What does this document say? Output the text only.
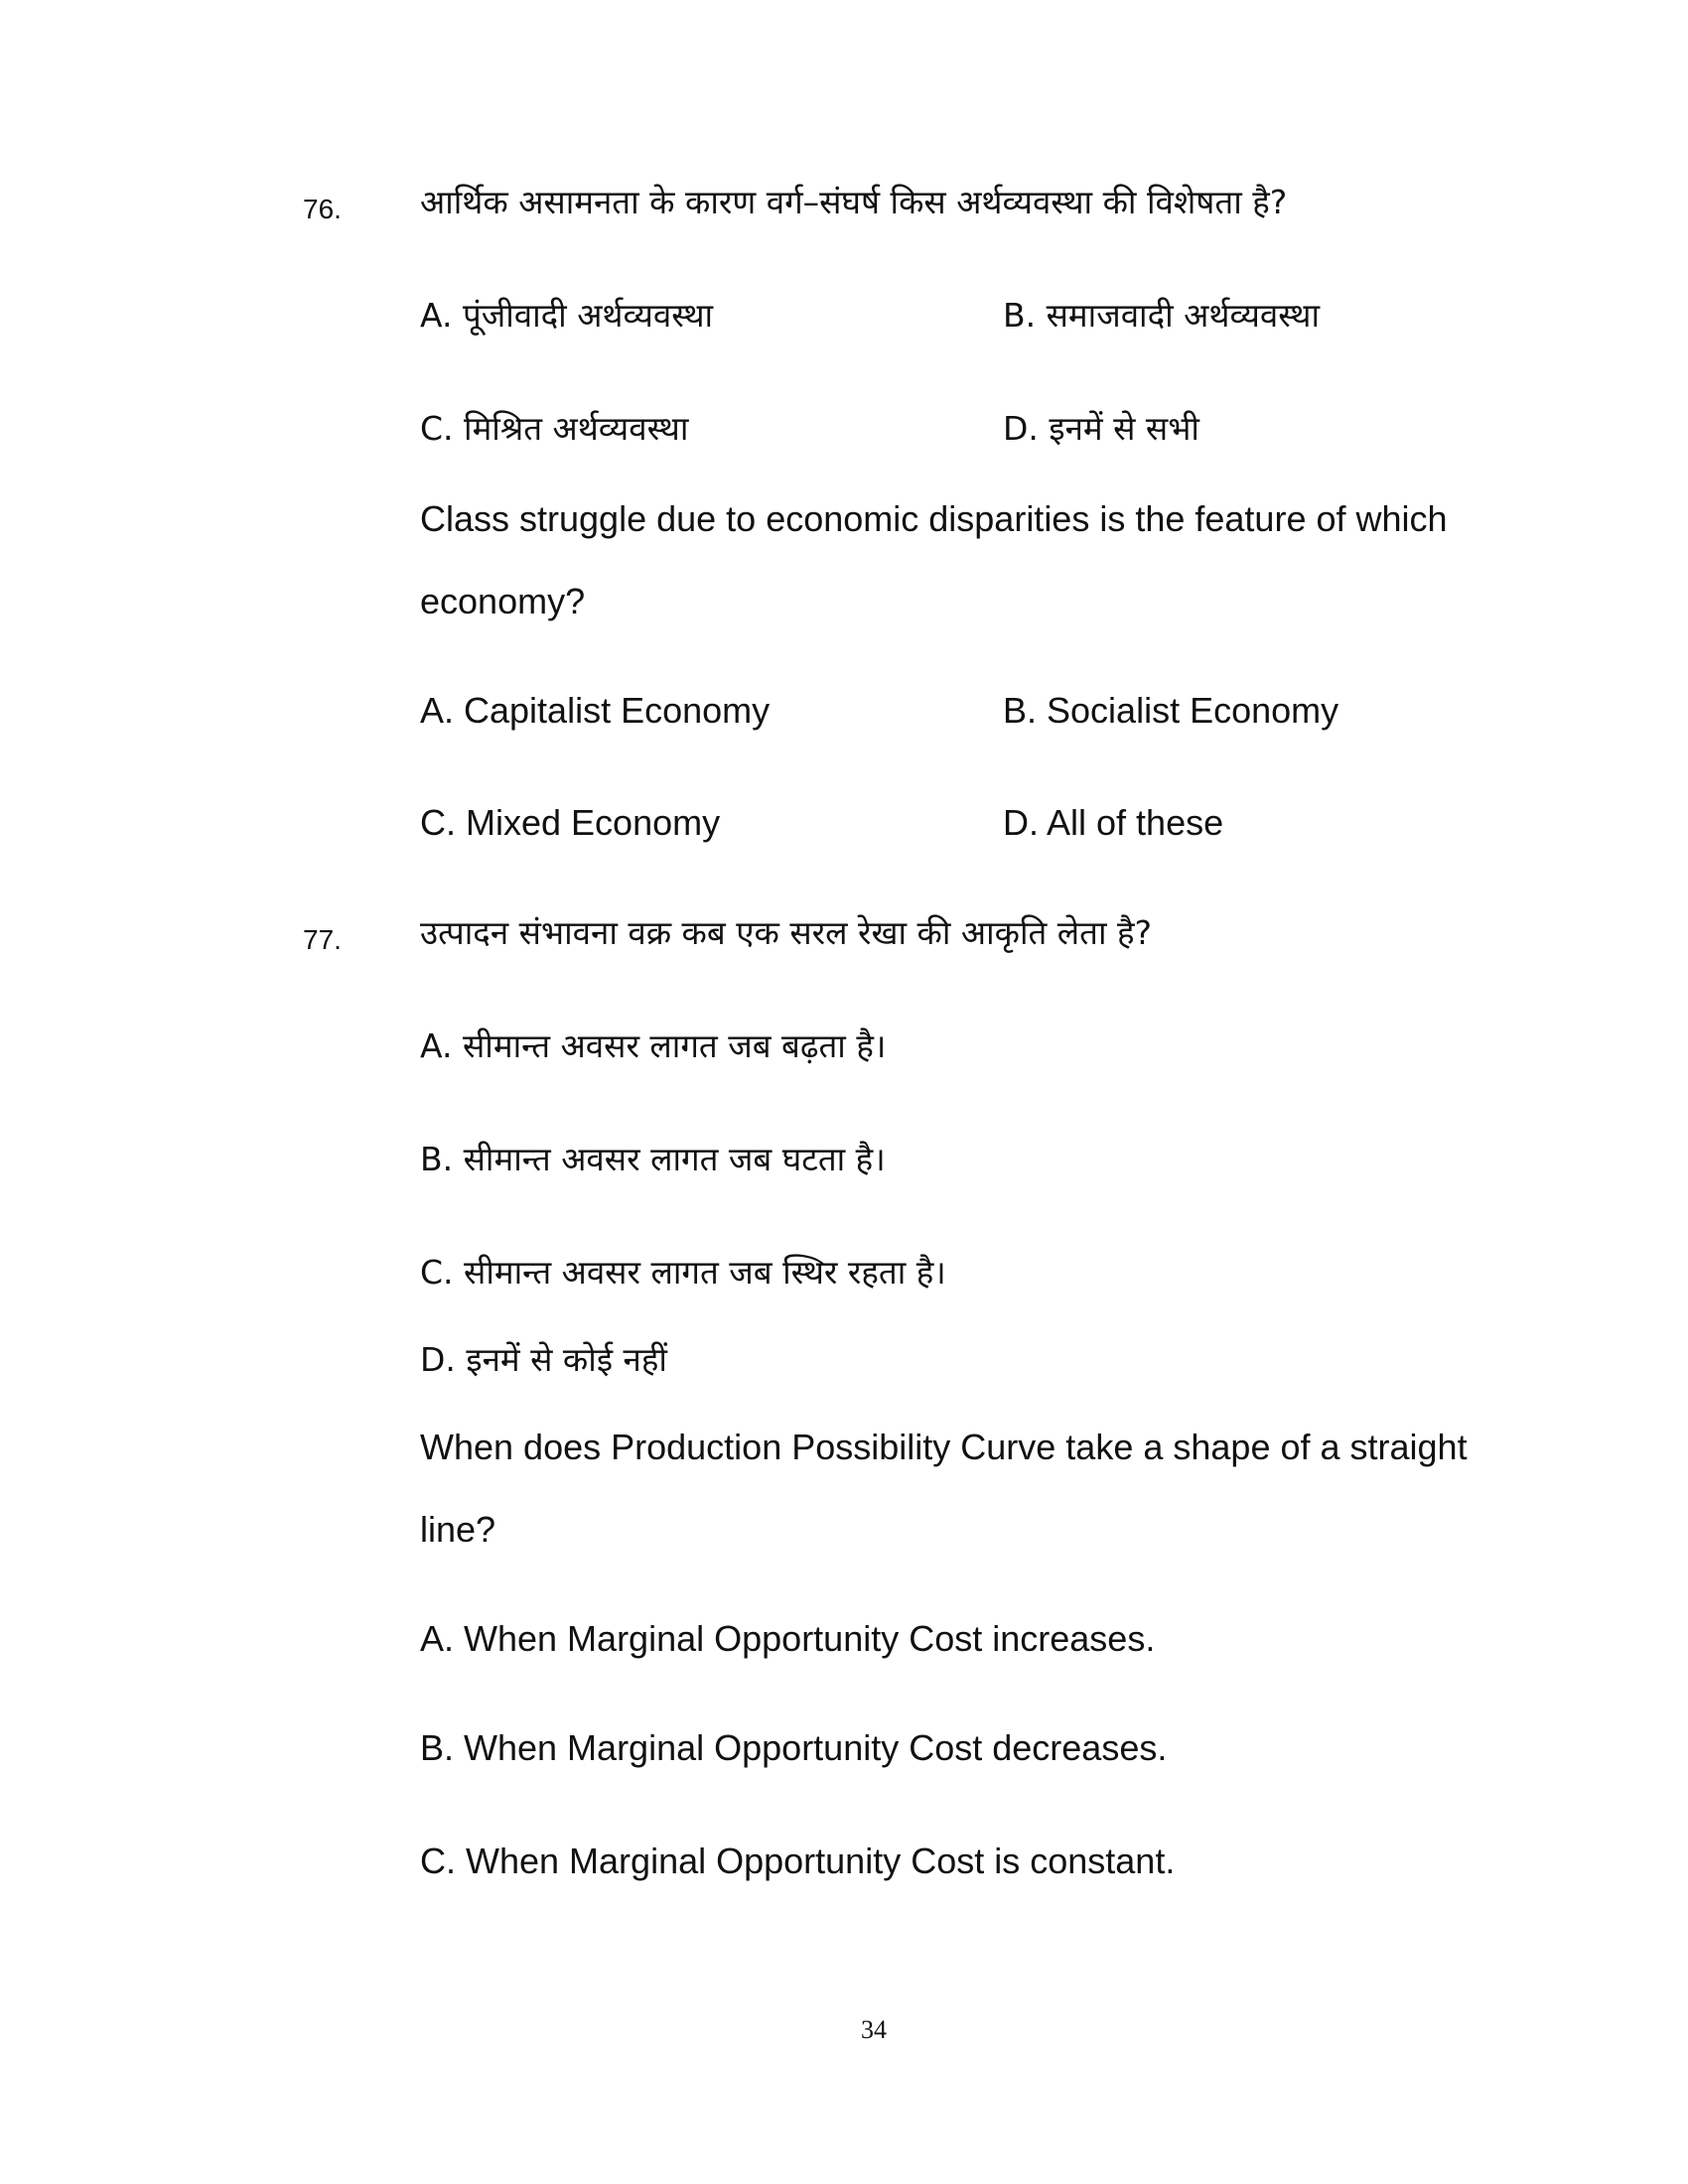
76. आर्थिक असामनता के कारण वर्ग–संघर्ष किस अर्थव्यवस्था की विशेषता है?
A. पूंजीवादी अर्थव्यवस्था	B. समाजवादी अर्थव्यवस्था
C. मिश्रित अर्थव्यवस्था	D. इनमें से सभी
Class struggle due to economic disparities is the feature of which
economy?
A. Capitalist Economy	B. Socialist Economy
C. Mixed Economy	D. All of these
77. उत्पादन संभावना वक्र कब एक सरल रेखा की आकृति लेता है?
A. सीमान्त अवसर लागत जब बढ़ता है।
B. सीमान्त अवसर लागत जब घटता है।
C. सीमान्त अवसर लागत जब स्थिर रहता है।
D. इनमें से कोई नहीं
When does Production Possibility Curve take a shape of a straight
line?
A. When Marginal Opportunity Cost increases.
B. When Marginal Opportunity Cost decreases.
C. When Marginal Opportunity Cost is constant.
34
